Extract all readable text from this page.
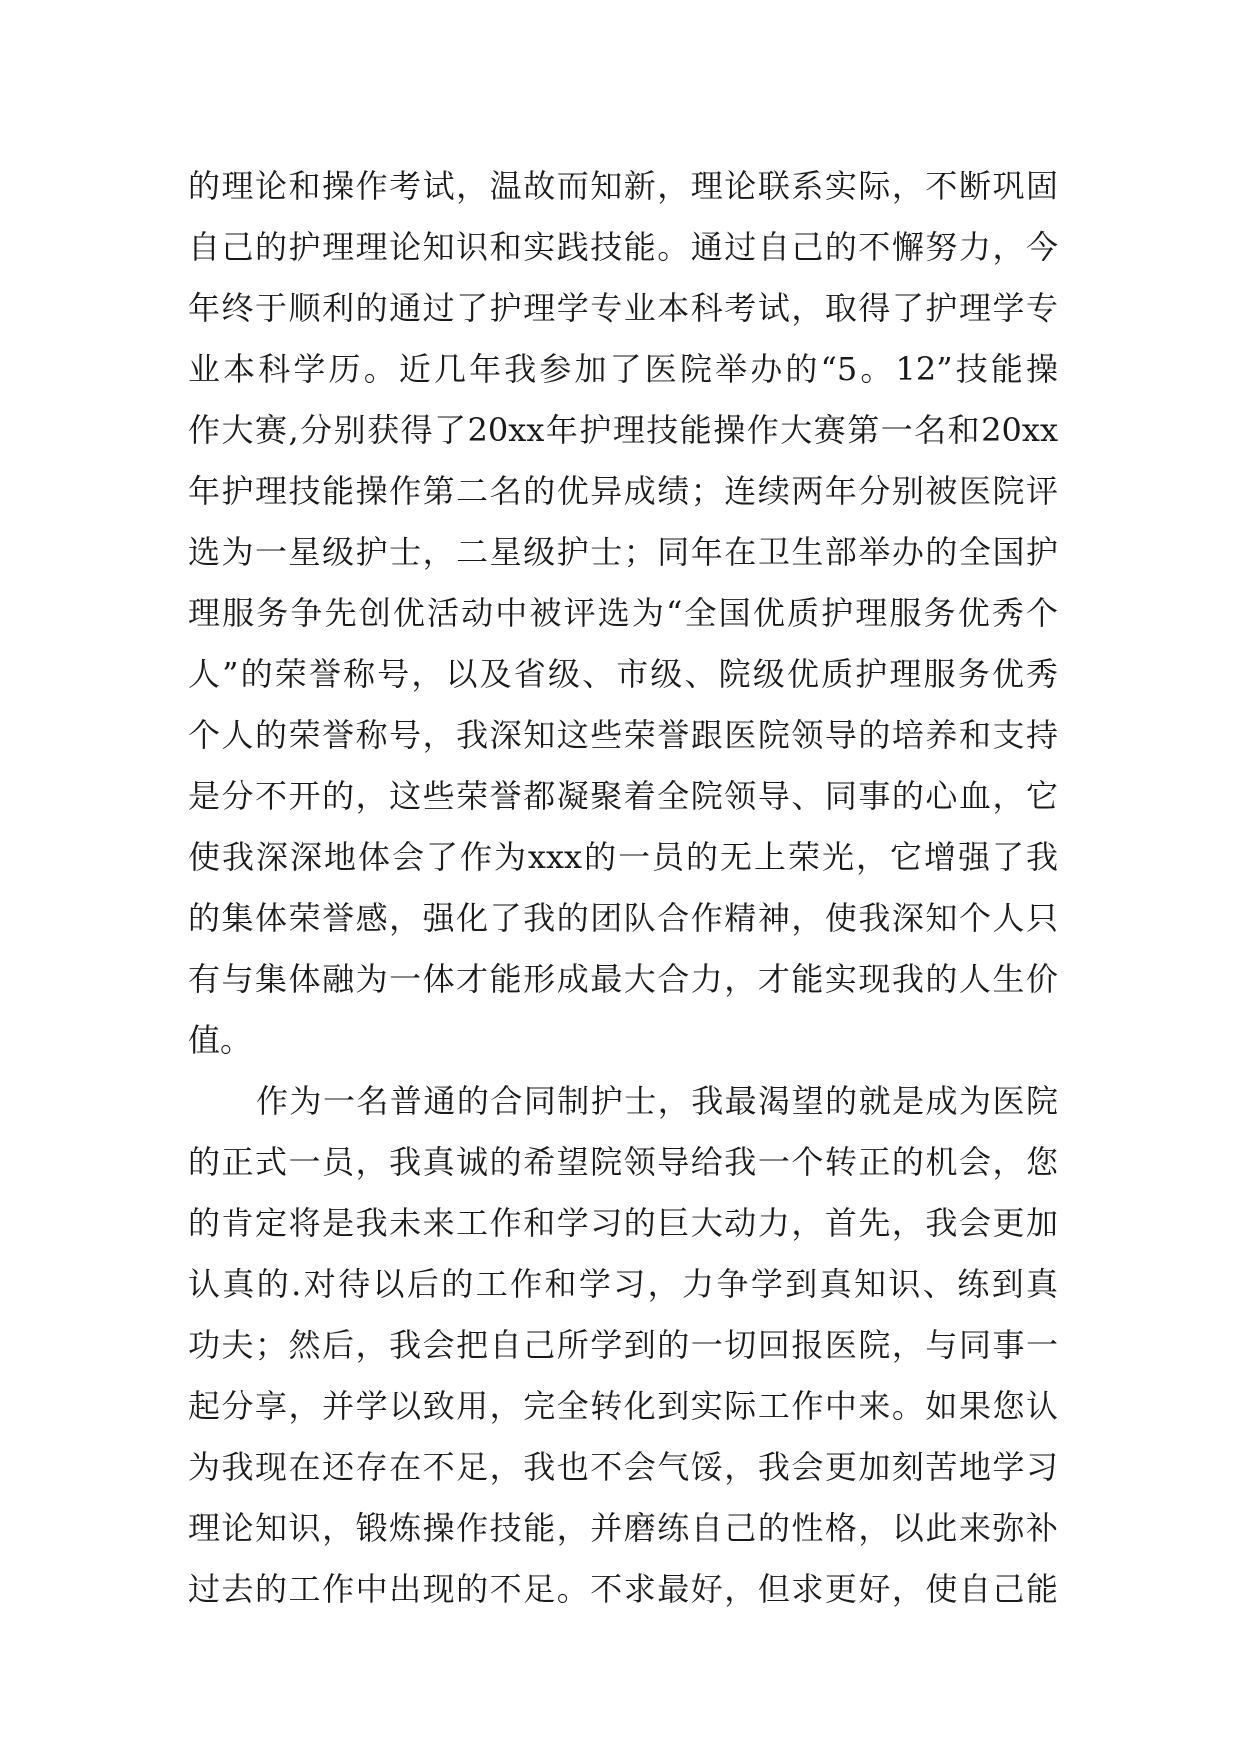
的理论和操作考试，温故而知新，理论联系实际，不断巩固
自己的护理理论知识和实践技能。通过自己的不懈努力，今
年终于顺利的通过了护理学专业本科考试，取得了护理学专
业本科学历。近几年我参加了医院举办的“5。12”技能操
作大赛,分别获得了20xx年护理技能操作大赛第一名和20xx
年护理技能操作第二名的优异成绩；连续两年分别被医院评
选为一星级护士，二星级护士；同年在卫生部举办的全国护
理服务争先创优活动中被评选为“全国优质护理服务优秀个
人”的荣誉称号，以及省级、市级、院级优质护理服务优秀
个人的荣誉称号，我深知这些荣誉跟医院领导的培养和支持
是分不开的，这些荣誉都凝聚着全院领导、同事的心血，它
使我深深地体会了作为xxx的一员的无上荣光，它增强了我
的集体荣誉感，强化了我的团队合作精神，使我深知个人只
有与集体融为一体才能形成最大合力，才能实现我的人生价
值。
作为一名普通的合同制护士，我最渴望的就是成为医院
的正式一员，我真诚的希望院领导给我一个转正的机会，您
的肯定将是我未来工作和学习的巨大动力，首先，我会更加
认真的.对待以后的工作和学习，力争学到真知识、练到真
功夫；然后，我会把自己所学到的一切回报医院，与同事一
起分享，并学以致用，完全转化到实际工作中来。如果您认
为我现在还存在不足，我也不会气馁，我会更加刻苦地学习
理论知识，锻炼操作技能，并磨练自己的性格，以此来弥补
过去的工作中出现的不足。不求最好，但求更好，使自己能
